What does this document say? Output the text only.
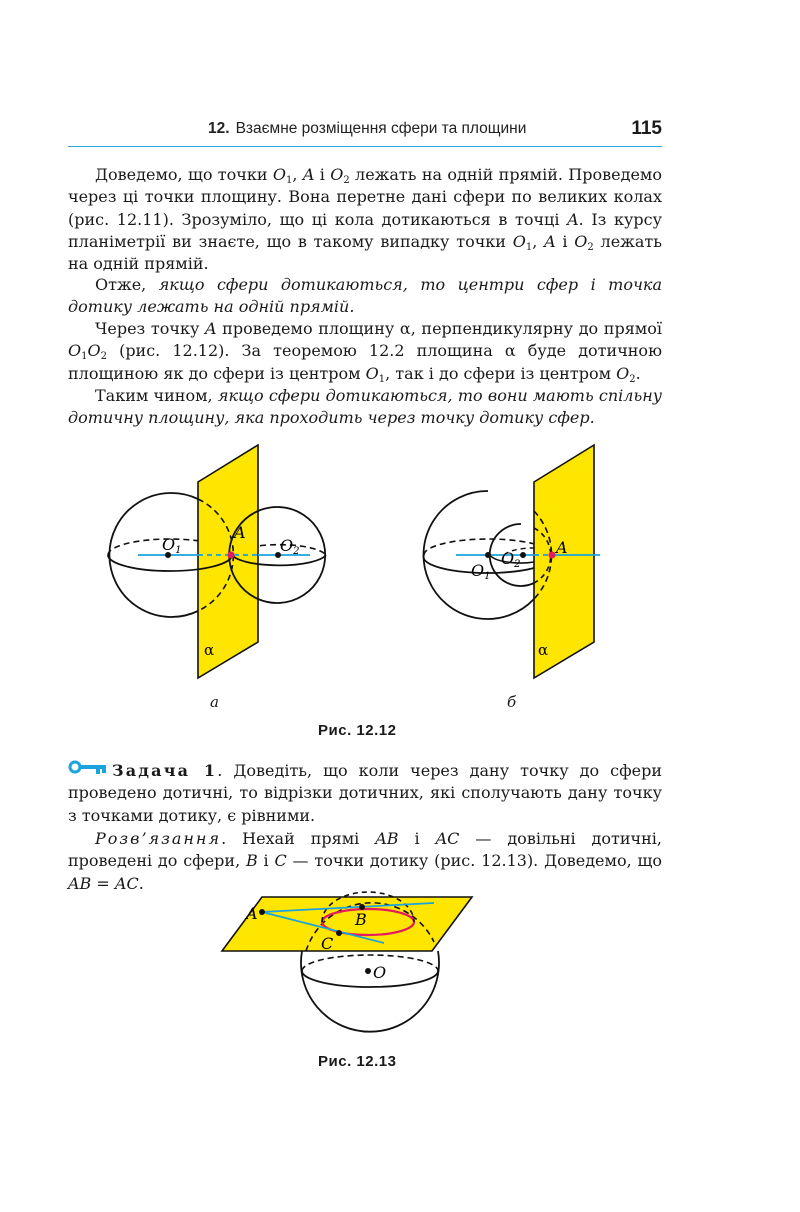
12. Взаємне розміщення сфери та площини	115

Доведемо, що точки $O_1$, A і $O_2$ лежать на одній прямій. Проведемо через ці точки площину. Вона перетне дані сфери по великих колах (рис. 12.11). Зрозуміло, що ці кола дотикаються в точці A. Із курсу планіметрії ви знаєте, що в такому випадку точки $O_1$, A і $O_2$ лежать на одній прямій.

Отже, якщо сфери дотикаються, то центри сфер і точка дотику лежать на одній прямій.

Через точку A проведемо площину α, перпендикулярну до прямої $O_1O_2$ (рис. 12.12). За теоремою 12.2 площина α буде дотичною площиною як до сфери із центром $O_1$, так і до сфери із центром $O_2$.

Таким чином, якщо сфери дотикаються, то вони мають спільну дотичну площину, яка проходить через точку дотику сфер.

O1	O2
A
α
O1
O2
A
α
а	б
Рис. 12.12

Задача 1. Доведіть, що коли через дану точку до сфери проведено дотичні, то відрізки дотичних, які сполучають дану точку з точками дотику, є рівними.

Розв’язання. Нехай прямі AB і AC — довільні дотичні, проведені до сфери, B і C — точки дотику (рис. 12.13). Доведемо, що AB = AC.

A	B
C
O
Рис. 12.13
